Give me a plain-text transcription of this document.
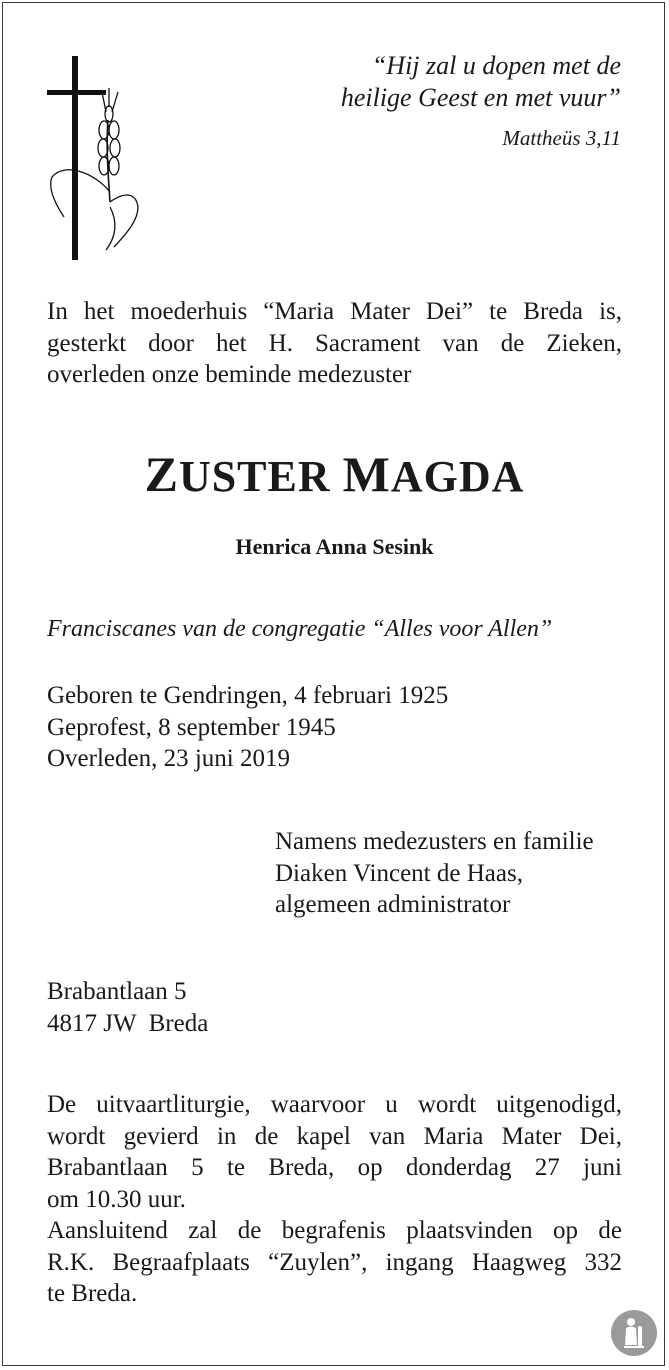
“Hij zal u dopen met de
heilige Geest en met vuur”
Mattheüs 3,11
In het moederhuis “Maria Mater Dei” te Breda is,
gesterkt door het H. Sacrament van de Zieken,
overleden onze beminde medezuster
ZUSTER MAGDA
Henrica Anna Sesink
Franciscanes van de congregatie “Alles voor Allen”
Geboren te Gendringen, 4 februari 1925
Geprofest, 8 september 1945
Overleden, 23 juni 2019
Namens medezusters en familie
Diaken Vincent de Haas,
algemeen administrator
Brabantlaan 5
4817 JW  Breda
De uitvaartliturgie, waarvoor u wordt uitgenodigd,
wordt gevierd in de kapel van Maria Mater Dei,
Brabantlaan 5 te Breda, op donderdag 27 juni
om 10.30 uur.
Aansluitend zal de begrafenis plaatsvinden op de
R.K. Begraafplaats “Zuylen”, ingang Haagweg 332
te Breda.
